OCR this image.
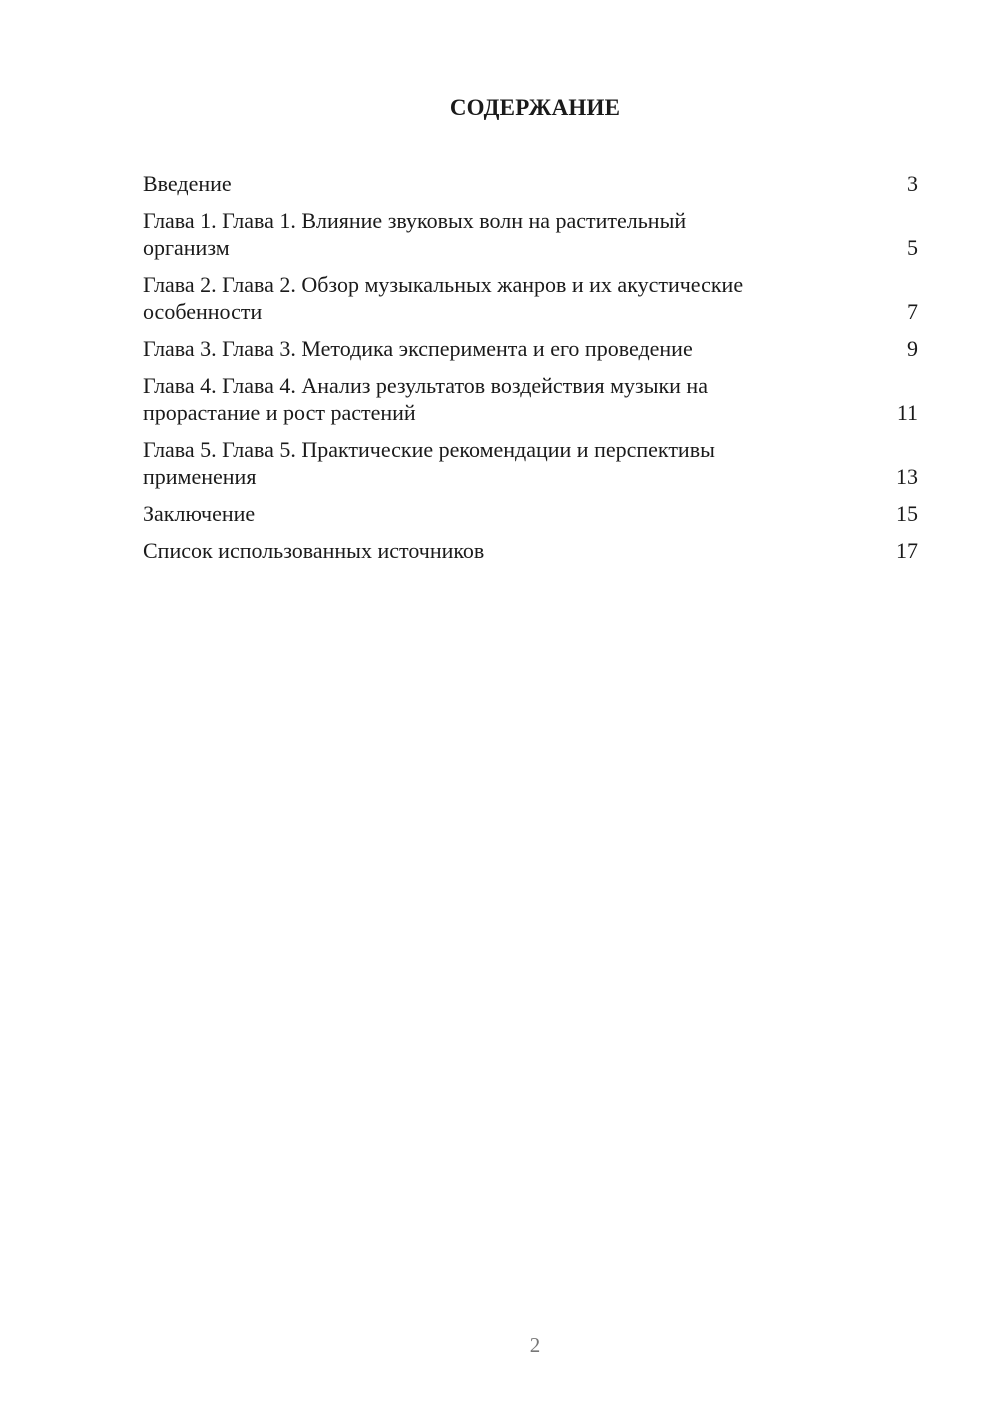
СОДЕРЖАНИЕ
Введение	3
Глава 1. Глава 1. Влияние звуковых волн на растительный
организм	5
Глава 2. Глава 2. Обзор музыкальных жанров и их акустические
особенности	7
Глава 3. Глава 3. Методика эксперимента и его проведение	9
Глава 4. Глава 4. Анализ результатов воздействия музыки на
прорастание и рост растений	11
Глава 5. Глава 5. Практические рекомендации и перспективы
применения	13
Заключение	15
Список использованных источников	17
2
